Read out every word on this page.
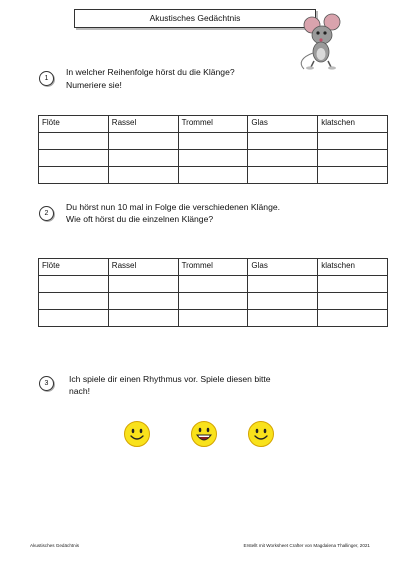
Akustisches Gedächtnis
1
In welcher Reihenfolge hörst du die Klänge?
Numeriere sie!
Flöte	Rassel	Trommel	Glas	klatschen

2
Du hörst nun 10 mal in Folge die verschiedenen Klänge.
Wie oft hörst du die einzelnen Klänge?
Flöte	Rassel	Trommel	Glas	klatschen

3	Ich spiele dir einen Rhythmus vor. Spiele diesen bitte
nach!
Akustisches Gedächtnis	Erstellt mit Worksheet Crafter von Magdalena Thallinger, 2021
